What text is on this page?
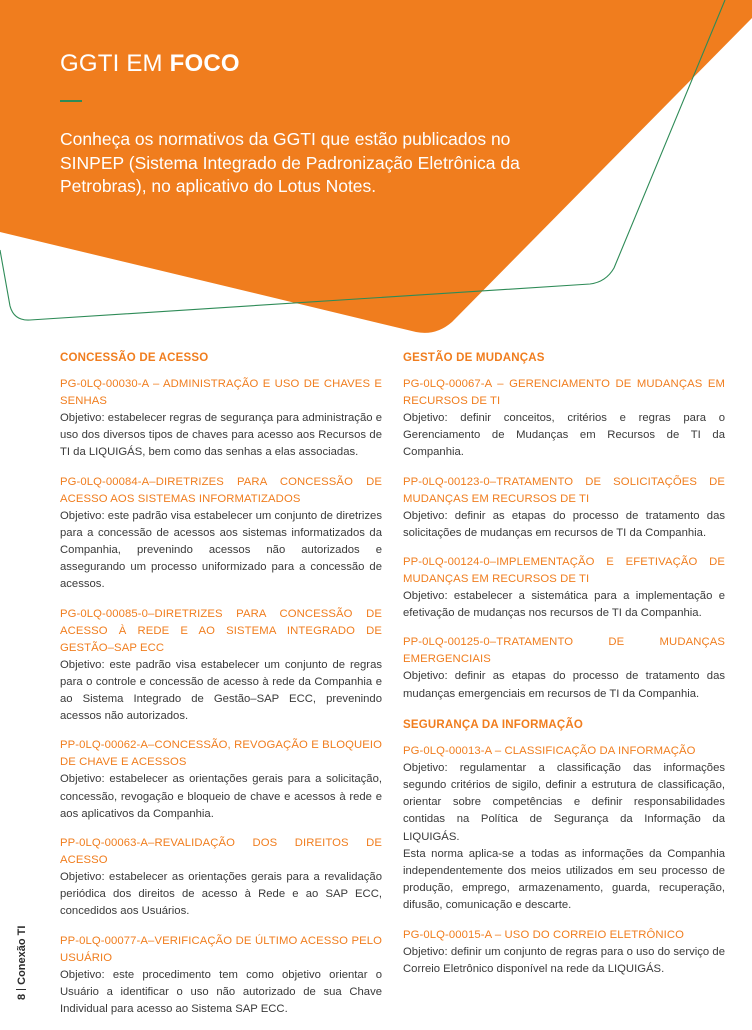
GGTI EM FOCO

Conheça os normativos da GGTI que estão publicados no SINPEP (Sistema Integrado de Padronização Eletrônica da Petrobras), no aplicativo do Lotus Notes.

CONCESSÃO DE ACESSO

PG-0LQ-00030-A – ADMINISTRAÇÃO E USO DE CHAVES E SENHAS

Objetivo: estabelecer regras de segurança para administração e uso dos diversos tipos de chaves para acesso aos Recursos de TI da LIQUIGÁS, bem como das senhas a elas associadas.

PG-0LQ-00084-A–DIRETRIZES PARA CONCESSÃO DE ACESSO AOS SISTEMAS INFORMATIZADOS

Objetivo: este padrão visa estabelecer um conjunto de diretrizes para a concessão de acessos aos sistemas informatizados da Companhia, prevenindo acessos não autorizados e assegurando um processo uniformizado para a concessão de acessos.

PG-0LQ-00085-0–DIRETRIZES PARA CONCESSÃO DE ACESSO À REDE E AO SISTEMA INTEGRADO DE GESTÃO–SAP ECC

Objetivo: este padrão visa estabelecer um conjunto de regras para o controle e concessão de acesso à rede da Companhia e ao Sistema Integrado de Gestão–SAP ECC, prevenindo acessos não autorizados.

PP-0LQ-00062-A–CONCESSÃO, REVOGAÇÃO E BLOQUEIO DE CHAVE E ACESSOS

Objetivo: estabelecer as orientações gerais para a solicitação, concessão, revogação e bloqueio de chave e acessos à rede e aos aplicativos da Companhia.

PP-0LQ-00063-A–REVALIDAÇÃO DOS DIREITOS DE ACESSO

Objetivo: estabelecer as orientações gerais para a revalidação periódica dos direitos de acesso à Rede e ao SAP ECC, concedidos aos Usuários.

PP-0LQ-00077-A–VERIFICAÇÃO DE ÚLTIMO ACESSO PELO USUÁRIO

Objetivo: este procedimento tem como objetivo orientar o Usuário a identificar o uso não autorizado de sua Chave Individual para acesso ao Sistema SAP ECC.

GESTÃO DE MUDANÇAS

PG-0LQ-00067-A – GERENCIAMENTO DE MUDANÇAS EM RECURSOS DE TI

Objetivo: definir conceitos, critérios e regras para o Gerenciamento de Mudanças em Recursos de TI da Companhia.

PP-0LQ-00123-0–TRATAMENTO DE SOLICITAÇÕES DE MUDANÇAS EM RECURSOS DE TI

Objetivo: definir as etapas do processo de tratamento das solicitações de mudanças em recursos de TI da Companhia.

PP-0LQ-00124-0–IMPLEMENTAÇÃO E EFETIVAÇÃO DE MUDANÇAS EM RECURSOS DE TI

Objetivo: estabelecer a sistemática para a implementação e efetivação de mudanças nos recursos de TI da Companhia.

PP-0LQ-00125-0–TRATAMENTO DE MUDANÇAS EMERGENCIAIS

Objetivo: definir as etapas do processo de tratamento das mudanças emergenciais em recursos de TI da Companhia.

SEGURANÇA DA INFORMAÇÃO

PG-0LQ-00013-A – CLASSIFICAÇÃO DA INFORMAÇÃO

Objetivo: regulamentar a classificação das informações segundo critérios de sigilo, definir a estrutura de classificação, orientar sobre competências e definir responsabilidades contidas na Política de Segurança da Informação da LIQUIGÁS.
Esta norma aplica-se a todas as informações da Companhia independentemente dos meios utilizados em seu processo de produção, emprego, armazenamento, guarda, recuperação, difusão, comunicação e descarte.

PG-0LQ-00015-A – USO DO CORREIO ELETRÔNICO

Objetivo: definir um conjunto de regras para o uso do serviço de Correio Eletrônico disponível na rede da LIQUIGÁS.

8Conexão TI
